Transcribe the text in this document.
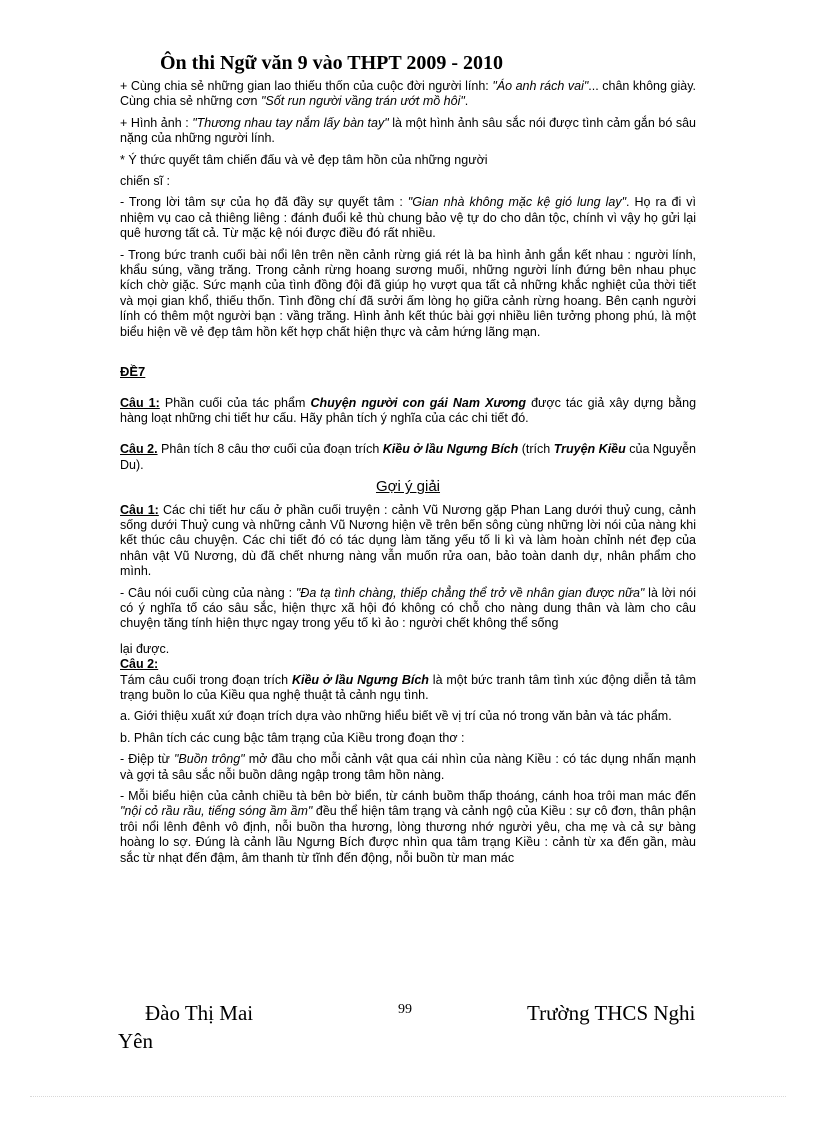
Ôn thi Ngữ văn 9 vào THPT 2009 - 2010

+ Cùng chia sẻ những gian lao thiếu thốn của cuộc đời người lính: "Áo anh rách vai"... chân không giày. Cùng chia sẻ những cơn "Sốt run người vầng trán ướt mồ hôi".

+ Hình ảnh : "Thương nhau tay nắm lấy bàn tay" là một hình ảnh sâu sắc nói được tình cảm gắn bó sâu nặng của những người lính.

* Ý thức quyết tâm chiến đấu và vẻ đẹp tâm hồn của những người

chiến sĩ :

- Trong lời tâm sự của họ đã đầy sự quyết tâm : "Gian nhà không mặc kệ gió lung lay". Họ ra đi vì nhiệm vụ cao cả thiêng liêng : đánh đuổi kẻ thù chung bảo vệ tự do cho dân tộc, chính vì vậy họ gửi lại quê hương tất cả. Từ mặc kệ nói được điều đó rất nhiều.

- Trong bức tranh cuối bài nổi lên trên nền cảnh rừng giá rét là ba hình ảnh gắn kết nhau : người lính, khẩu súng, vầng trăng. Trong cảnh rừng hoang sương muối, những người lính đứng bên nhau phục kích chờ giặc. Sức mạnh của tình đồng đội đã giúp họ vượt qua tất cả những khắc nghiệt của thời tiết và mọi gian khổ, thiếu thốn. Tình đồng chí đã sưởi ấm lòng họ giữa cảnh rừng hoang. Bên cạnh người lính có thêm một người bạn : vầng trăng. Hình ảnh kết thúc bài gợi nhiều liên tưởng phong phú, là một biểu hiện về vẻ đẹp tâm hồn kết hợp chất hiện thực và cảm hứng lãng mạn.

ĐỀ7

Câu 1: Phần cuối của tác phẩm Chuyện người con gái Nam Xương được tác giả xây dựng bằng hàng loạt những chi tiết hư cấu. Hãy phân tích ý nghĩa của các chi tiết đó.

Câu 2. Phân tích 8 câu thơ cuối của đoạn trích Kiều ở lầu Ngưng Bích (trích Truyện Kiều của Nguyễn Du).

Gợi ý giải

Câu 1: Các chi tiết hư cấu ở phần cuối truyện : cảnh Vũ Nương gặp Phan Lang dưới thuỷ cung, cảnh sống dưới Thuỷ cung và những cảnh Vũ Nương hiện về trên bến sông cùng những lời nói của nàng khi kết thúc câu chuyện. Các chi tiết đó có tác dụng làm tăng yếu tố li kì và làm hoàn chỉnh nét đẹp của nhân vật Vũ Nương, dù đã chết nhưng nàng vẫn muốn rửa oan, bảo toàn danh dự, nhân phẩm cho mình.

- Câu nói cuối cùng của nàng : "Đa tạ tình chàng, thiếp chẳng thể trở về nhân gian được nữa" là lời nói có ý nghĩa tố cáo sâu sắc, hiện thực xã hội đó không có chỗ cho nàng dung thân và làm cho câu chuyện tăng tính hiện thực ngay trong yếu tố kì ảo : người chết không thể sống

lại được.

Câu 2:

Tám câu cuối trong đoạn trích Kiều ở lầu Ngưng Bích là một bức tranh tâm tình xúc động diễn tả tâm trạng buồn lo của Kiều qua nghệ thuật tả cảnh ngụ tình.

a. Giới thiệu xuất xứ đoạn trích dựa vào những hiểu biết về vị trí của nó trong văn bản và tác phẩm.

b. Phân tích các cung bậc tâm trạng của Kiều trong đoạn thơ :

- Điệp từ "Buồn trông" mở đầu cho mỗi cảnh vật qua cái nhìn của nàng Kiều : có tác dụng nhấn mạnh và gợi tả sâu sắc nỗi buồn dâng ngập trong tâm hồn nàng.

- Mỗi biểu hiện của cảnh chiều tà bên bờ biển, từ cánh buồm thấp thoáng, cánh hoa trôi man mác đến "nội cỏ rầu rầu, tiếng sóng ầm ầm" đều thể hiện tâm trạng và cảnh ngộ của Kiều : sự cô đơn, thân phận trôi nổi lênh đênh vô định, nỗi buồn tha hương, lòng thương nhớ người yêu, cha mẹ và cả sự bàng hoàng lo sợ. Đúng là cảnh lầu Ngưng Bích được nhìn qua tâm trạng Kiều : cảnh từ xa đến gần, màu sắc từ nhạt đến đậm, âm thanh từ tĩnh đến động, nỗi buồn từ man mác

Đào Thị Mai	99	Trường THCS Nghi
Yên
